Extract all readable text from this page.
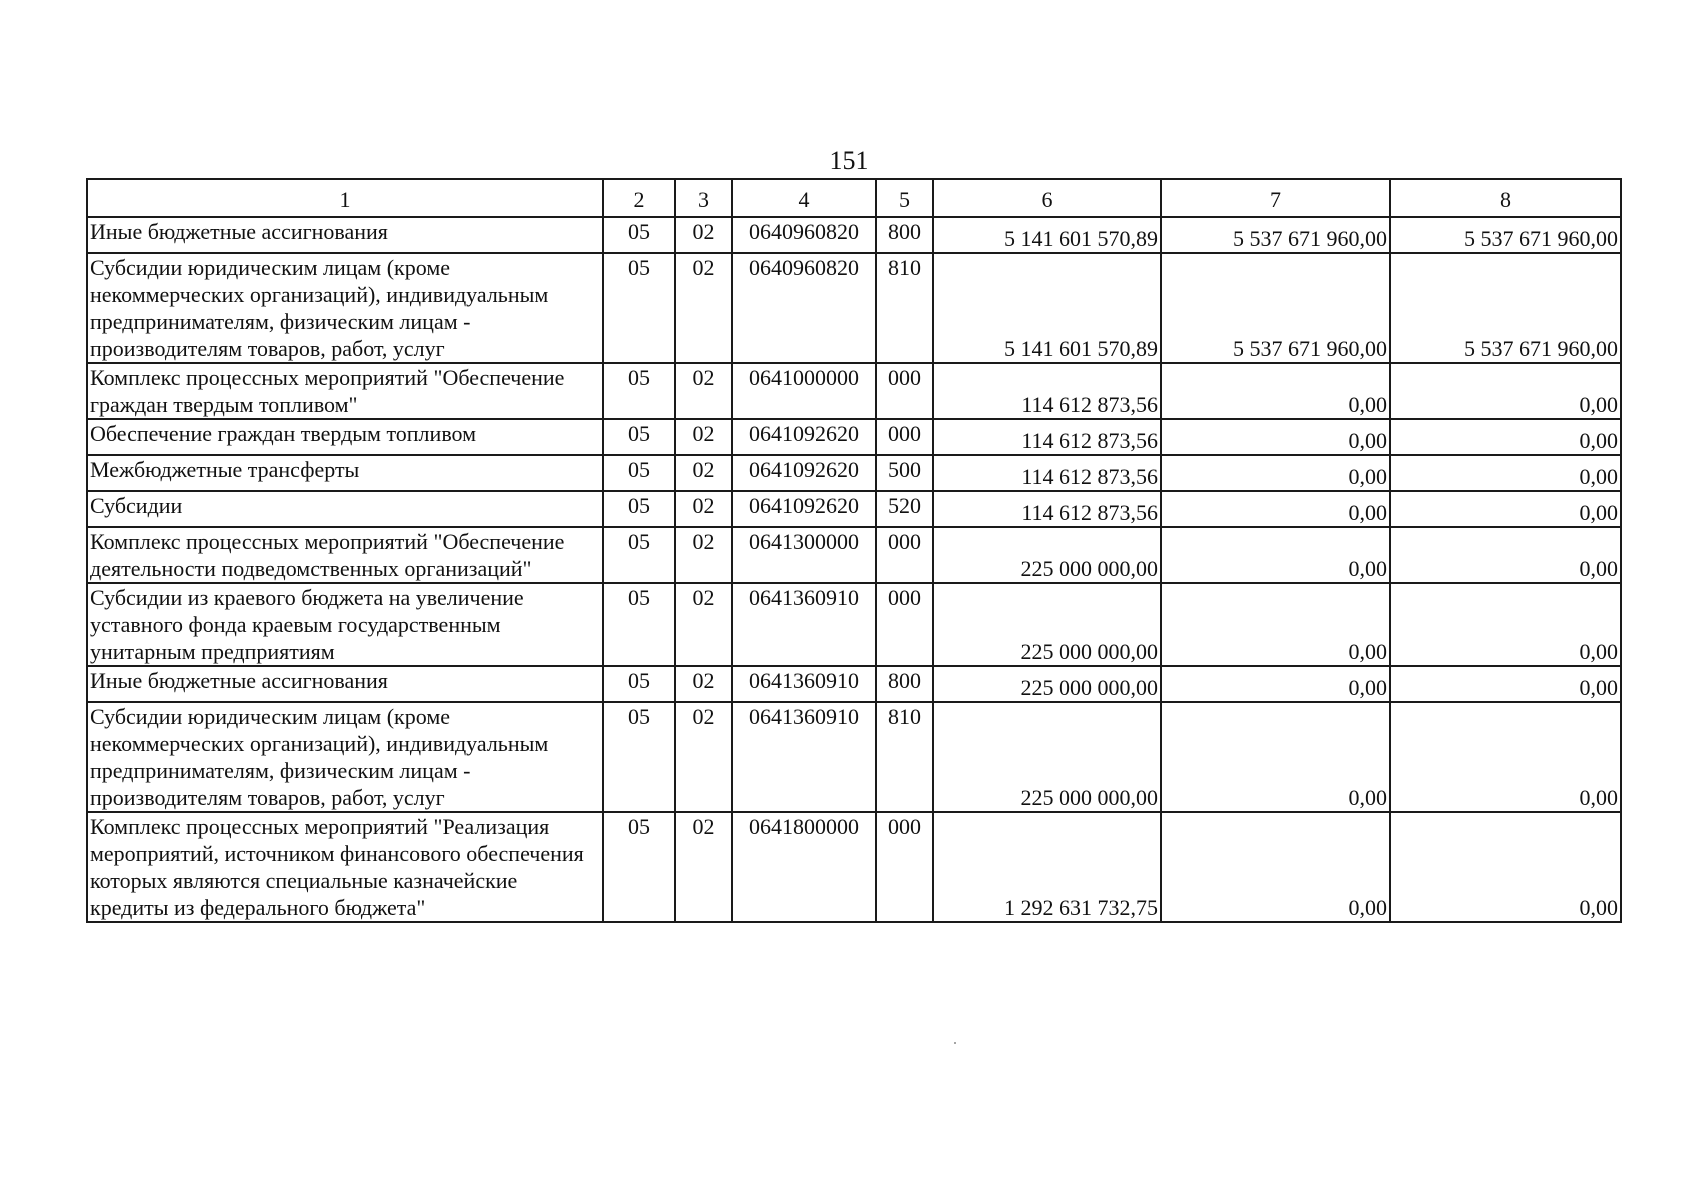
151
1	2	3	4	5	6	7	8
Иные бюджетные ассигнования	05	02	0640960820	800	5 141 601 570,89	5 537 671 960,00	5 537 671 960,00
Субсидии юридическим лицам (кроме некоммерческих организаций), индивидуальным предпринимателям, физическим лицам - производителям товаров, работ, услуг	05	02	0640960820	810	5 141 601 570,89	5 537 671 960,00	5 537 671 960,00
Комплекс процессных мероприятий "Обеспечение граждан твердым топливом"	05	02	0641000000	000	114 612 873,56	0,00	0,00
Обеспечение граждан твердым топливом	05	02	0641092620	000	114 612 873,56	0,00	0,00
Межбюджетные трансферты	05	02	0641092620	500	114 612 873,56	0,00	0,00
Субсидии	05	02	0641092620	520	114 612 873,56	0,00	0,00
Комплекс процессных мероприятий "Обеспечение деятельности подведомственных организаций"	05	02	0641300000	000	225 000 000,00	0,00	0,00
Субсидии из краевого бюджета на увеличение уставного фонда краевым государственным унитарным предприятиям	05	02	0641360910	000	225 000 000,00	0,00	0,00
Иные бюджетные ассигнования	05	02	0641360910	800	225 000 000,00	0,00	0,00
Субсидии юридическим лицам (кроме некоммерческих организаций), индивидуальным предпринимателям, физическим лицам - производителям товаров, работ, услуг	05	02	0641360910	810	225 000 000,00	0,00	0,00
Комплекс процессных мероприятий "Реализация мероприятий, источником финансового обеспечения которых являются специальные казначейские кредиты из федерального бюджета"	05	02	0641800000	000	1 292 631 732,75	0,00	0,00
